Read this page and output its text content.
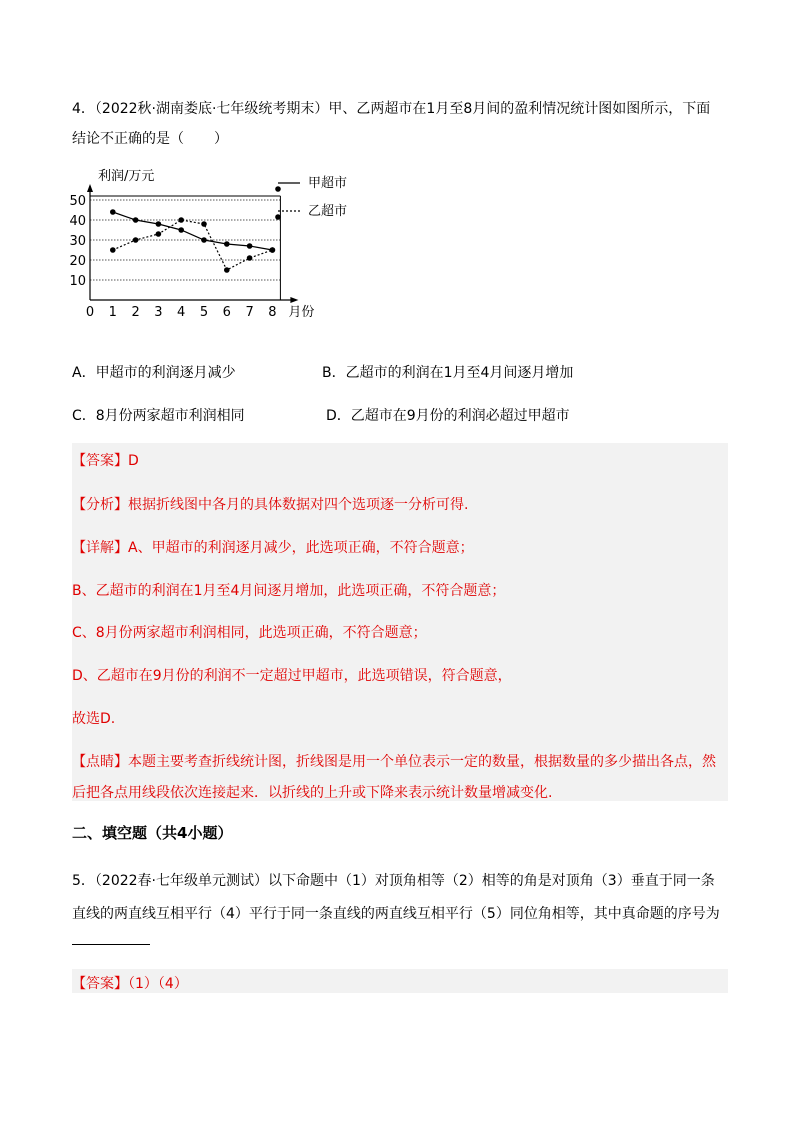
4．（2022秋·湖南娄底·七年级统考期末）甲、乙两超市在1月至8月间的盈利情况统计图如图所示，下面
结论不正确的是（ ）
10
20
30
40
50
0 1 2 3 4 5 6 7 8
利润/万元
月份
甲超市
乙超市
A．甲超市的利润逐月减少	B．乙超市的利润在1月至4月间逐月增加
C．8月份两家超市利润相同	D．乙超市在9月份的利润必超过甲超市
【答案】D
【分析】根据折线图中各月的具体数据对四个选项逐一分析可得.
【详解】A、甲超市的利润逐月减少，此选项正确，不符合题意；
B、乙超市的利润在1月至4月间逐月增加，此选项正确，不符合题意；
C、8月份两家超市利润相同，此选项正确，不符合题意；
D、乙超市在9月份的利润不一定超过甲超市，此选项错误，符合题意，
故选D.
【点睛】本题主要考查折线统计图，折线图是用一个单位表示一定的数量，根据数量的多少描出各点，然
后把各点用线段依次连接起来．以折线的上升或下降来表示统计数量增减变化.
二、填空题（共4小题）
5．（2022春·七年级单元测试）以下命题中（1）对顶角相等（2）相等的角是对顶角（3）垂直于同一条
直线的两直线互相平行（4）平行于同一条直线的两直线互相平行（5）同位角相等，其中真命题的序号为
【答案】（1）（4）
